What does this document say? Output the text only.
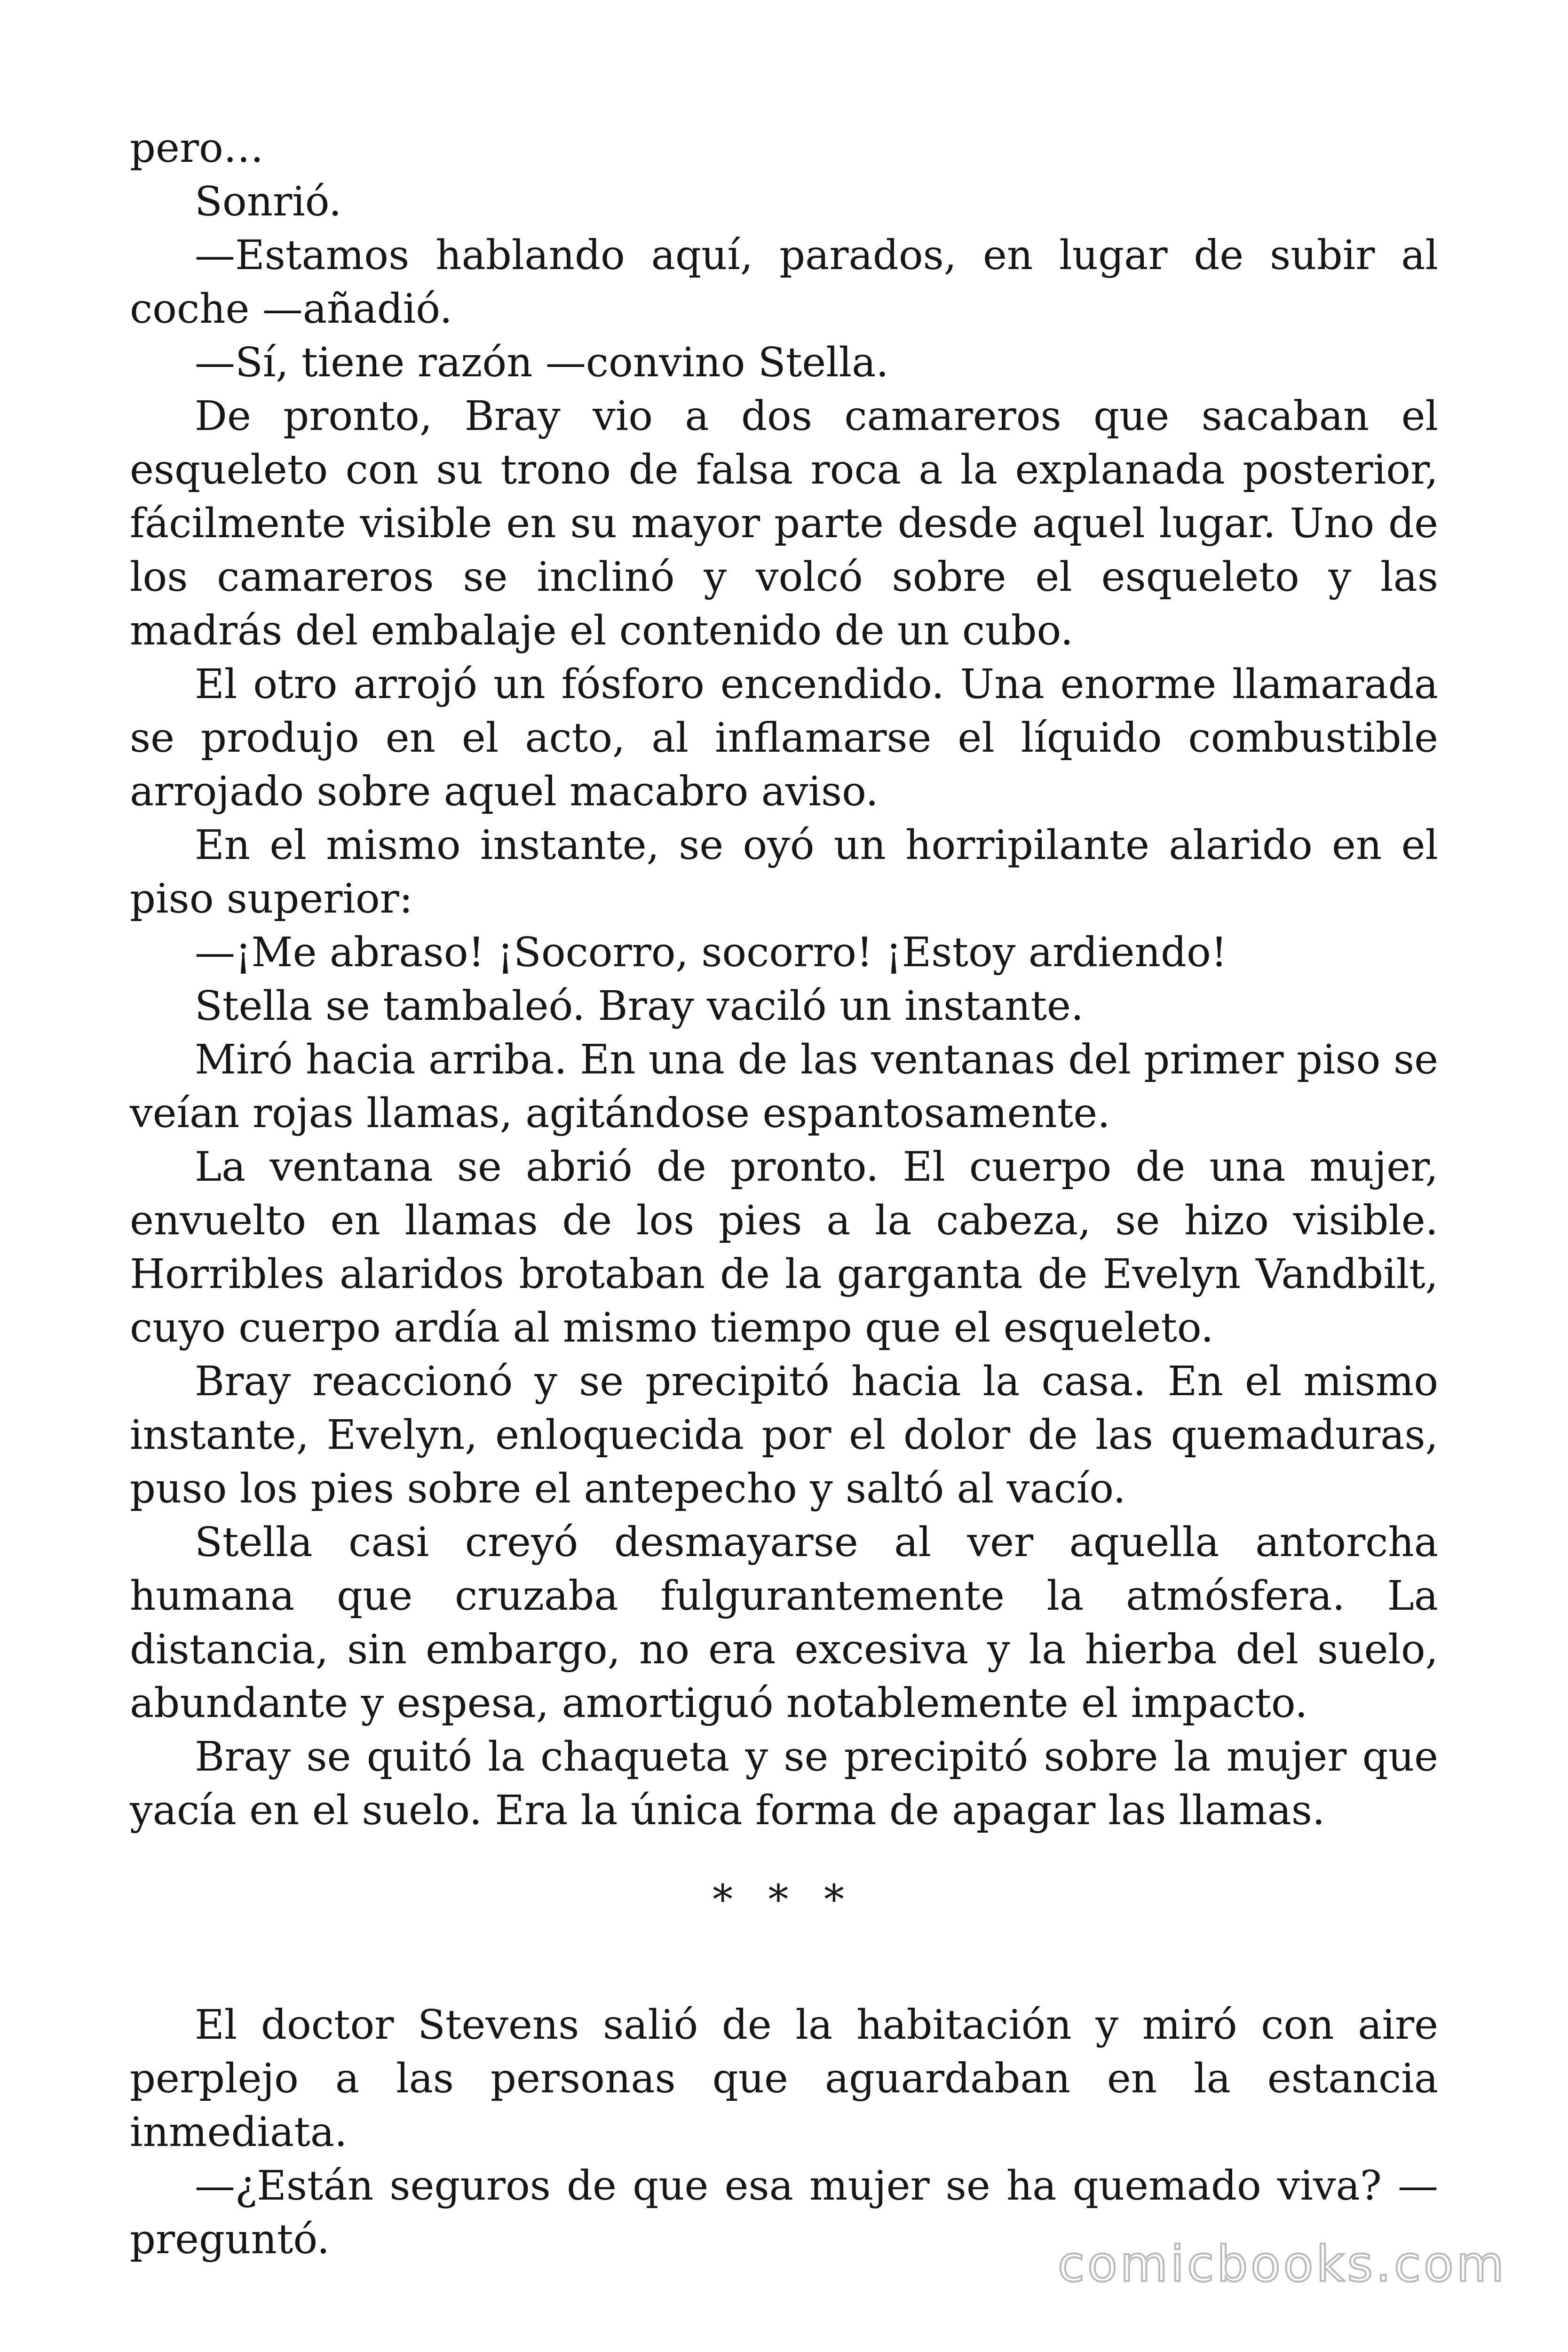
pero…

Sonrió.

—Estamos hablando aquí, parados, en lugar de subir al coche —añadió.

—Sí, tiene razón —convino Stella.

De pronto, Bray vio a dos camareros que sacaban el esqueleto con su trono de falsa roca a la explanada posterior, fácilmente visible en su mayor parte desde aquel lugar. Uno de los camareros se inclinó y volcó sobre el esqueleto y las madrás del embalaje el contenido de un cubo.

El otro arrojó un fósforo encendido. Una enorme llamarada se produjo en el acto, al inflamarse el líquido combustible arrojado sobre aquel macabro aviso.

En el mismo instante, se oyó un horripilante alarido en el piso superior:

—¡Me abraso! ¡Socorro, socorro! ¡Estoy ardiendo!

Stella se tambaleó. Bray vaciló un instante.

Miró hacia arriba. En una de las ventanas del primer piso se veían rojas llamas, agitándose espantosamente.

La ventana se abrió de pronto. El cuerpo de una mujer, envuelto en llamas de los pies a la cabeza, se hizo visible. Horribles alaridos brotaban de la garganta de Evelyn Vandbilt, cuyo cuerpo ardía al mismo tiempo que el esqueleto.

Bray reaccionó y se precipitó hacia la casa. En el mismo instante, Evelyn, enloquecida por el dolor de las quemaduras, puso los pies sobre el antepecho y saltó al vacío.

Stella casi creyó desmayarse al ver aquella antorcha humana que cruzaba fulgurantemente la atmósfera. La distancia, sin embargo, no era excesiva y la hierba del suelo, abundante y espesa, amortiguó notablemente el impacto.

Bray se quitó la chaqueta y se precipitó sobre la mujer que yacía en el suelo. Era la única forma de apagar las llamas.

* * *

El doctor Stevens salió de la habitación y miró con aire perplejo a las personas que aguardaban en la estancia inmediata.

—¿Están seguros de que esa mujer se ha quemado viva? —preguntó.	comicbooks.com
